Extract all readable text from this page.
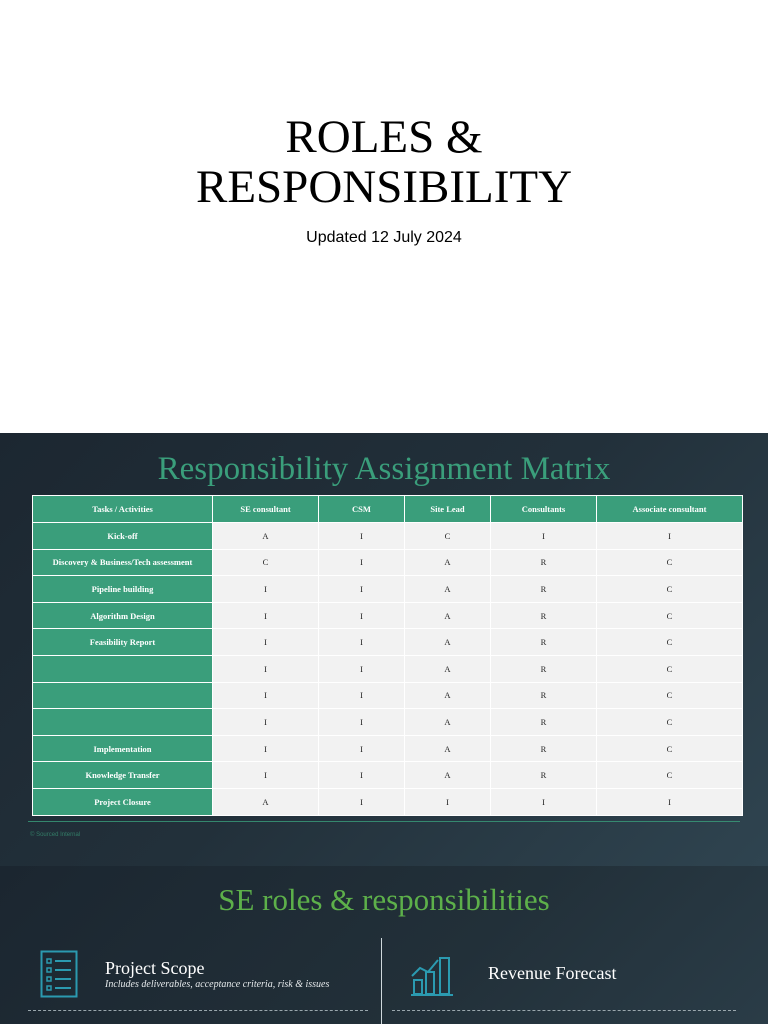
ROLES &
RESPONSIBILITY
Updated 12 July 2024
Responsibility Assignment Matrix
Tasks / Activities	SE consultant	CSM	Site Lead	Consultants	Associate consultant
Kick-off	A	I	C	I	I
Discovery & Business/Tech assessment	C	I	A	R	C
Pipeline building	I	I	A	R	C
Algorithm Design	I	I	A	R	C
Feasibility Report	I	I	A	R	C
	I	I	A	R	C
	I	I	A	R	C
	I	I	A	R	C
Implementation	I	I	A	R	C
Knowledge Transfer	I	I	A	R	C
Project Closure	A	I	I	I	I
© Sourced Internal
SE roles & responsibilities
Project Scope
Includes deliverables, acceptance criteria, risk & issues
Revenue Forecast
